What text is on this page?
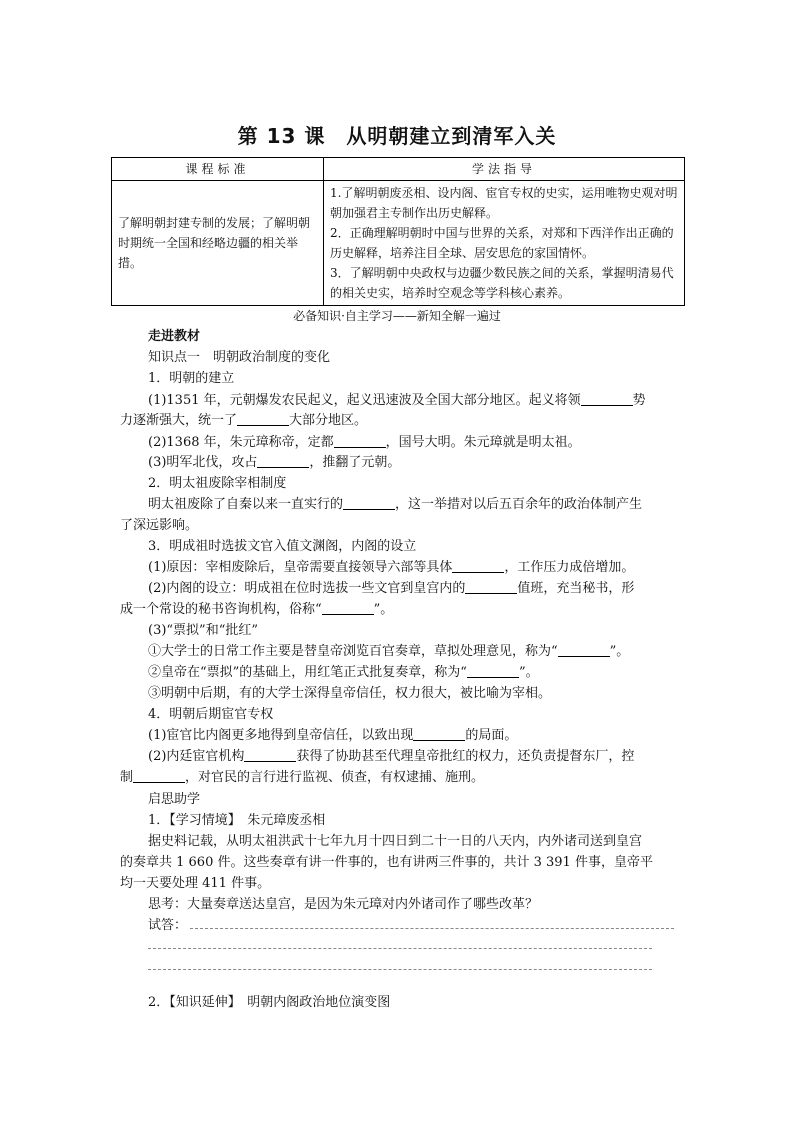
第 13 课　从明朝建立到清军入关
课程标准	学法指导
了解明朝封建专制的发展；了解明朝时期统一全国和经略边疆的相关举措。	1.了解明朝废丞相、设内阁、宦官专权的史实，运用唯物史观对明朝加强君主专制作出历史解释。
2．正确理解明朝时中国与世界的关系，对郑和下西洋作出正确的历史解释，培养注目全球、居安思危的家国情怀。
3．了解明朝中央政权与边疆少数民族之间的关系，掌握明清易代的相关史实，培养时空观念等学科核心素养。
必备知识·自主学习——新知全解一遍过
走进教材
知识点一　明朝政治制度的变化
1．明朝的建立
(1)1351 年，元朝爆发农民起义，起义迅速波及全国大部分地区。起义将领	势
力逐渐强大，统一了	大部分地区。
(2)1368 年，朱元璋称帝，定都	，国号大明。朱元璋就是明太祖。
(3)明军北伐，攻占	，推翻了元朝。
2．明太祖废除宰相制度
明太祖废除了自秦以来一直实行的	，这一举措对以后五百余年的政治体制产生
了深远影响。
3．明成祖时选拔文官入值文渊阁，内阁的设立
(1)原因：宰相废除后，皇帝需要直接领导六部等具体	，工作压力成倍增加。
(2)内阁的设立：明成祖在位时选拔一些文官到皇宫内的	值班，充当秘书，形
成一个常设的秘书咨询机构，俗称“	”。
(3)“票拟”和“批红”
①大学士的日常工作主要是替皇帝浏览百官奏章，草拟处理意见，称为“	”。
②皇帝在“票拟”的基础上，用红笔正式批复奏章，称为“	”。
③明朝中后期，有的大学士深得皇帝信任，权力很大，被比喻为宰相。
4．明朝后期宦官专权
(1)宦官比内阁更多地得到皇帝信任，以致出现	的局面。
(2)内廷宦官机构	获得了协助甚至代理皇帝批红的权力，还负责提督东厂，控
制	，对官民的言行进行监视、侦查，有权逮捕、施刑。
启思助学
1．【学习情境】　朱元璋废丞相
据史料记载，从明太祖洪武十七年九月十四日到二十一日的八天内，内外诸司送到皇宫
的奏章共 1 660 件。这些奏章有讲一件事的，也有讲两三件事的，共计 3 391 件事，皇帝平
均一天要处理 411 件事。
思考：大量奏章送达皇宫，是因为朱元璋对内外诸司作了哪些改革？
试答：
2．【知识延伸】　明朝内阁政治地位演变图
